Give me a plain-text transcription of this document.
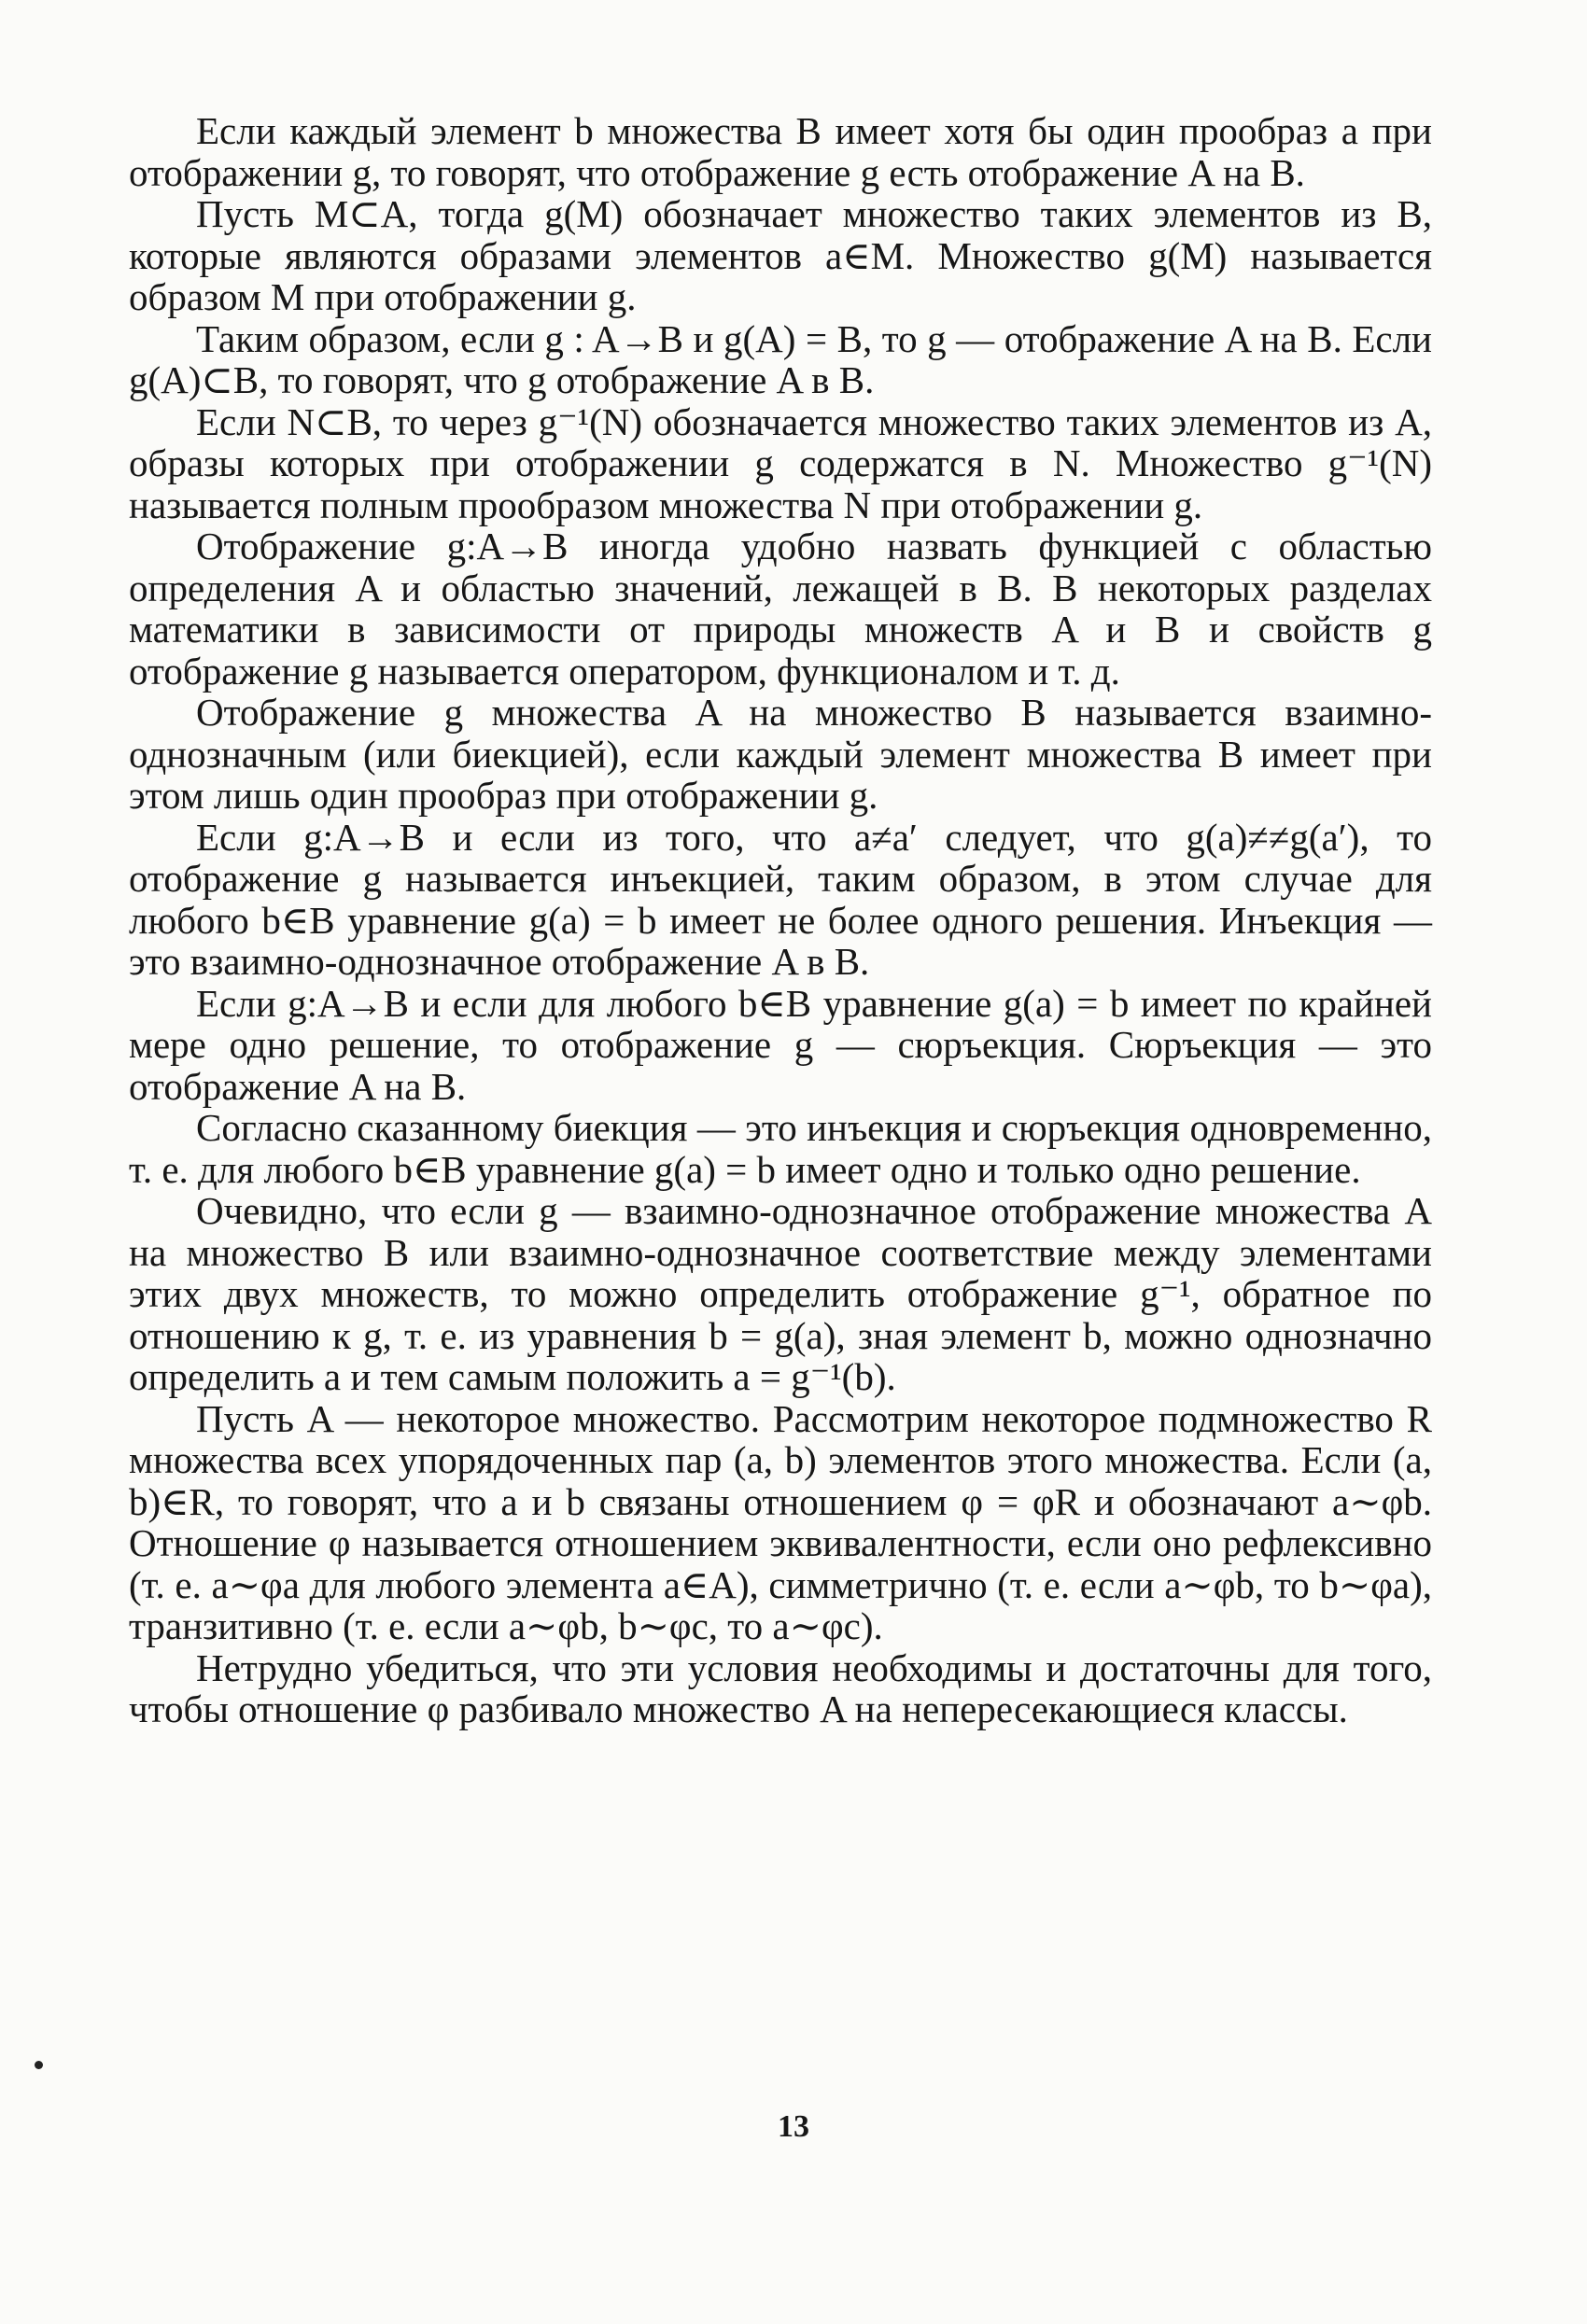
Если каждый элемент b множества B имеет хотя бы один прообраз a при отображении g, то говорят, что отображение g есть отображение A на B.

Пусть M⊂A, тогда g(M) обозначает множество таких элементов из B, которые являются образами элементов a∈M. Множество g(M) называется образом M при отображении g.

Таким образом, если g : A→B и g(A) = B, то g — отображение A на B. Если g(A)⊂B, то говорят, что g отображение A в B.

Если N⊂B, то через g⁻¹(N) обозначается множество таких элементов из A, образы которых при отображении g содержатся в N. Множество g⁻¹(N) называется полным прообразом множества N при отображении g.

Отображение g:A→B иногда удобно назвать функцией с областью определения A и областью значений, лежащей в B. В некоторых разделах математики в зависимости от природы множеств A и B и свойств g отображение g называется оператором, функционалом и т. д.

Отображение g множества A на множество B называется взаимно-однозначным (или биекцией), если каждый элемент множества B имеет при этом лишь один прообраз при отображении g.

Если g:A→B и если из того, что a≠a′ следует, что g(a)≠≠g(a′), то отображение g называется инъекцией, таким образом, в этом случае для любого b∈B уравнение g(a) = b имеет не более одного решения. Инъекция — это взаимно-однозначное отображение A в B.

Если g:A→B и если для любого b∈B уравнение g(a) = b имеет по крайней мере одно решение, то отображение g — сюръекция. Сюръекция — это отображение A на B.

Согласно сказанному биекция — это инъекция и сюръекция одновременно, т. е. для любого b∈B уравнение g(a) = b имеет одно и только одно решение.

Очевидно, что если g — взаимно-однозначное отображение множества A на множество B или взаимно-однозначное соответствие между элементами этих двух множеств, то можно определить отображение g⁻¹, обратное по отношению к g, т. е. из уравнения b = g(a), зная элемент b, можно однозначно определить a и тем самым положить a = g⁻¹(b).

Пусть A — некоторое множество. Рассмотрим некоторое подмножество R множества всех упорядоченных пар (a, b) элементов этого множества. Если (a, b)∈R, то говорят, что a и b связаны отношением φ = φR и обозначают a∼φb. Отношение φ называется отношением эквивалентности, если оно рефлексивно (т. е. a∼φa для любого элемента a∈A), симметрично (т. е. если a∼φb, то b∼φa), транзитивно (т. е. если a∼φb, b∼φc, то a∼φc).

Нетрудно убедиться, что эти условия необходимы и достаточны для того, чтобы отношение φ разбивало множество A на непересекающиеся классы.

13
